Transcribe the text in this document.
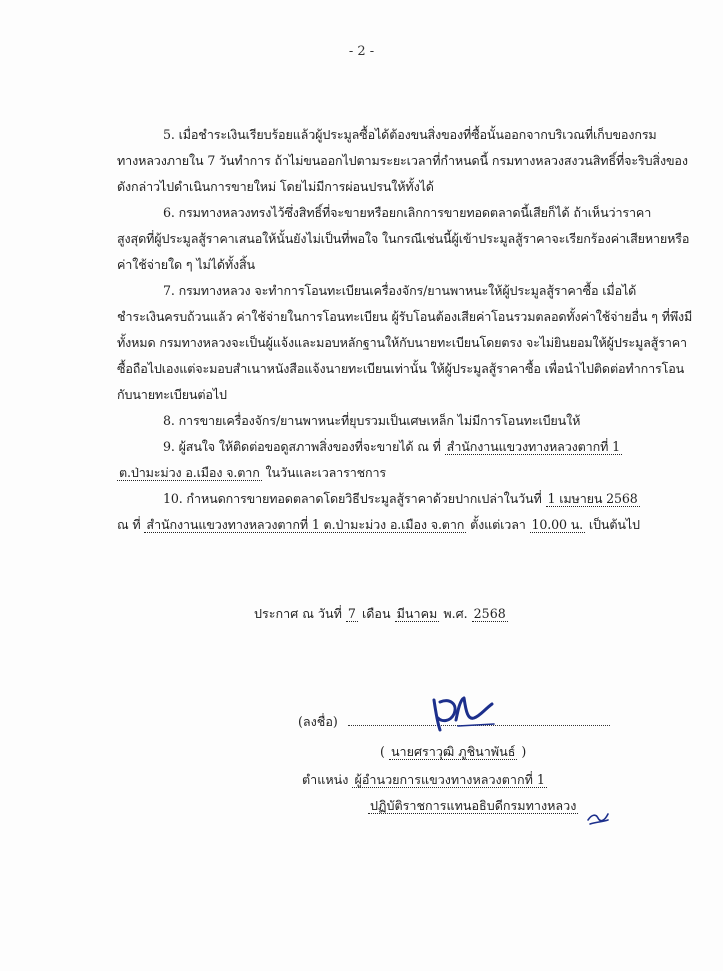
- 2 -

5. เมื่อชำระเงินเรียบร้อยแล้วผู้ประมูลซื้อได้ต้องขนสิ่งของที่ซื้อนั้นออกจากบริเวณที่เก็บของกรม

ทางหลวงภายใน 7 วันทำการ ถ้าไม่ขนออกไปตามระยะเวลาที่กำหนดนี้ กรมทางหลวงสงวนสิทธิ์ที่จะริบสิ่งของ

ดังกล่าวไปดำเนินการขายใหม่ โดยไม่มีการผ่อนปรนให้ทั้งได้

6. กรมทางหลวงทรงไว้ซึ่งสิทธิ์ที่จะขายหรือยกเลิกการขายทอดตลาดนี้เสียก็ได้ ถ้าเห็นว่าราคา

สูงสุดที่ผู้ประมูลสู้ราคาเสนอให้นั้นยังไม่เป็นที่พอใจ ในกรณีเช่นนี้ผู้เข้าประมูลสู้ราคาจะเรียกร้องค่าเสียหายหรือ

ค่าใช้จ่ายใด ๆ ไม่ได้ทั้งสิ้น

7. กรมทางหลวง จะทำการโอนทะเบียนเครื่องจักร/ยานพาหนะให้ผู้ประมูลสู้ราคาซื้อ เมื่อได้

ชำระเงินครบถ้วนแล้ว ค่าใช้จ่ายในการโอนทะเบียน ผู้รับโอนต้องเสียค่าโอนรวมตลอดทั้งค่าใช้จ่ายอื่น ๆ ที่พึงมี

ทั้งหมด กรมทางหลวงจะเป็นผู้แจ้งและมอบหลักฐานให้กับนายทะเบียนโดยตรง จะไม่ยินยอมให้ผู้ประมูลสู้ราคา

ซื้อถือไปเองแต่จะมอบสำเนาหนังสือแจ้งนายทะเบียนเท่านั้น ให้ผู้ประมูลสู้ราคาซื้อ เพื่อนำไปติดต่อทำการโอน

กับนายทะเบียนต่อไป

8. การขายเครื่องจักร/ยานพาหนะที่ยุบรวมเป็นเศษเหล็ก ไม่มีการโอนทะเบียนให้

9. ผู้สนใจ ให้ติดต่อขอดูสภาพสิ่งของที่จะขายได้ ณ ที่ สำนักงานแขวงทางหลวงตากที่ 1

ต.ป่ามะม่วง อ.เมือง จ.ตาก ในวันและเวลาราชการ

10. กำหนดการขายทอดตลาดโดยวิธีประมูลสู้ราคาด้วยปากเปล่าในวันที่ 1 เมษายน 2568

ณ ที่ สำนักงานแขวงทางหลวงตากที่ 1 ต.ป่ามะม่วง อ.เมือง จ.ตาก ตั้งแต่เวลา 10.00 น. เป็นต้นไป

ประกาศ ณ วันที่ 7 เดือน มีนาคม พ.ศ. 2568
(ลงชื่อ)
( นายศราวุฒิ ภูชินาพันธ์ )
ตำแหน่ง ผู้อำนวยการแขวงทางหลวงตากที่ 1
ปฏิบัติราชการแทนอธิบดีกรมทางหลวง
